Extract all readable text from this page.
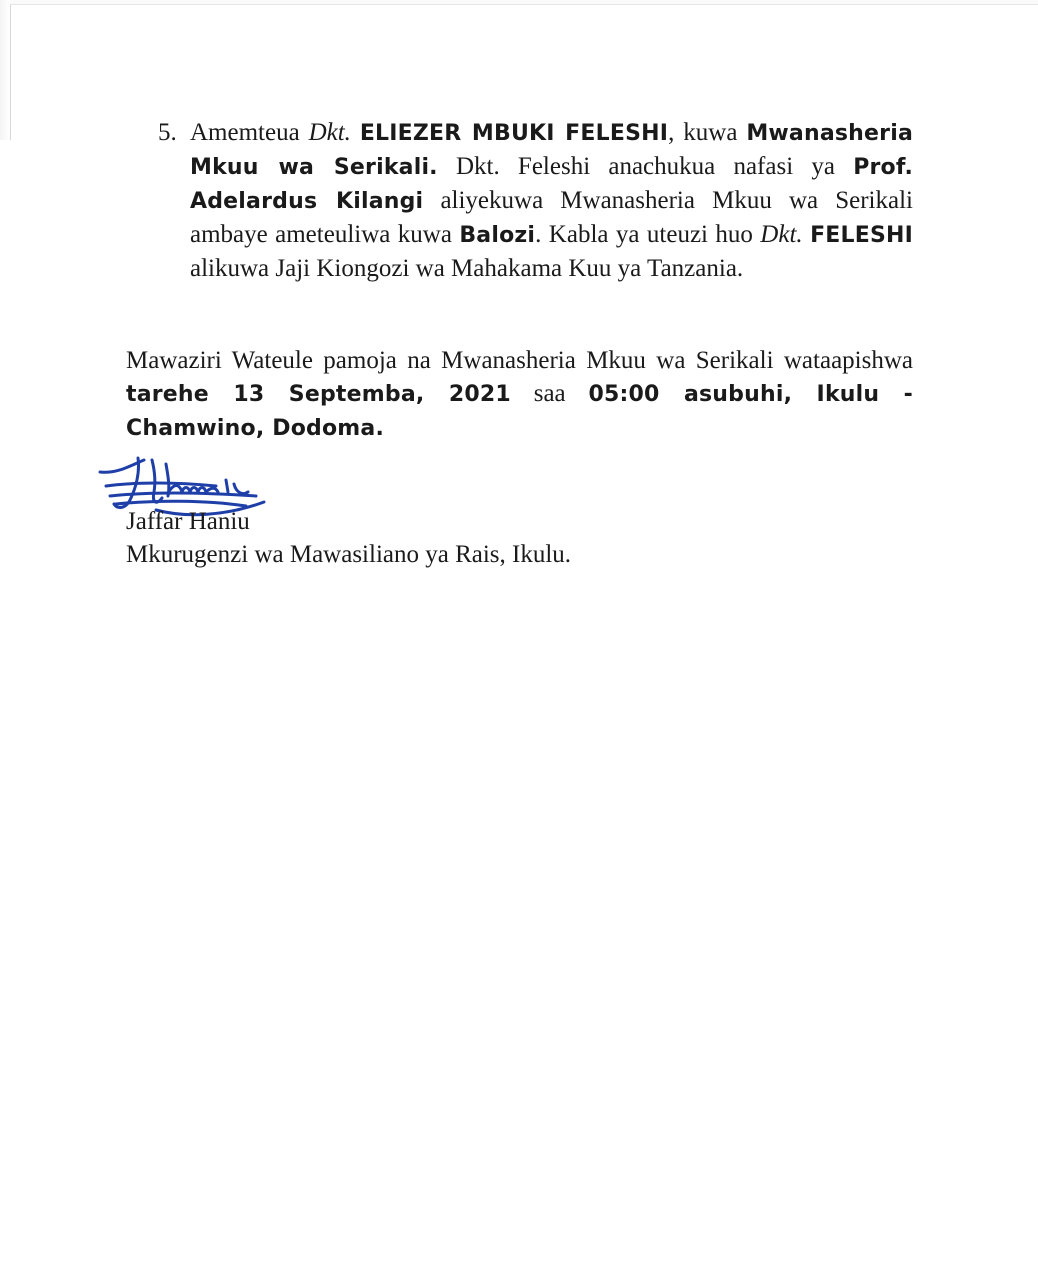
5. Amemteua Dkt. ELIEZER MBUKI FELESHI, kuwa Mwanasheria Mkuu wa Serikali. Dkt. Feleshi anachukua nafasi ya Prof. Adelardus Kilangi aliyekuwa Mwanasheria Mkuu wa Serikali ambaye ameteuliwa kuwa Balozi. Kabla ya uteuzi huo Dkt. FELESHI alikuwa Jaji Kiongozi wa Mahakama Kuu ya Tanzania.
Mawaziri Wateule pamoja na Mwanasheria Mkuu wa Serikali wataapishwa tarehe 13 Septemba, 2021 saa 05:00 asubuhi, Ikulu - Chamwino, Dodoma.
Jaffar Haniu
Mkurugenzi wa Mawasiliano ya Rais, Ikulu.
